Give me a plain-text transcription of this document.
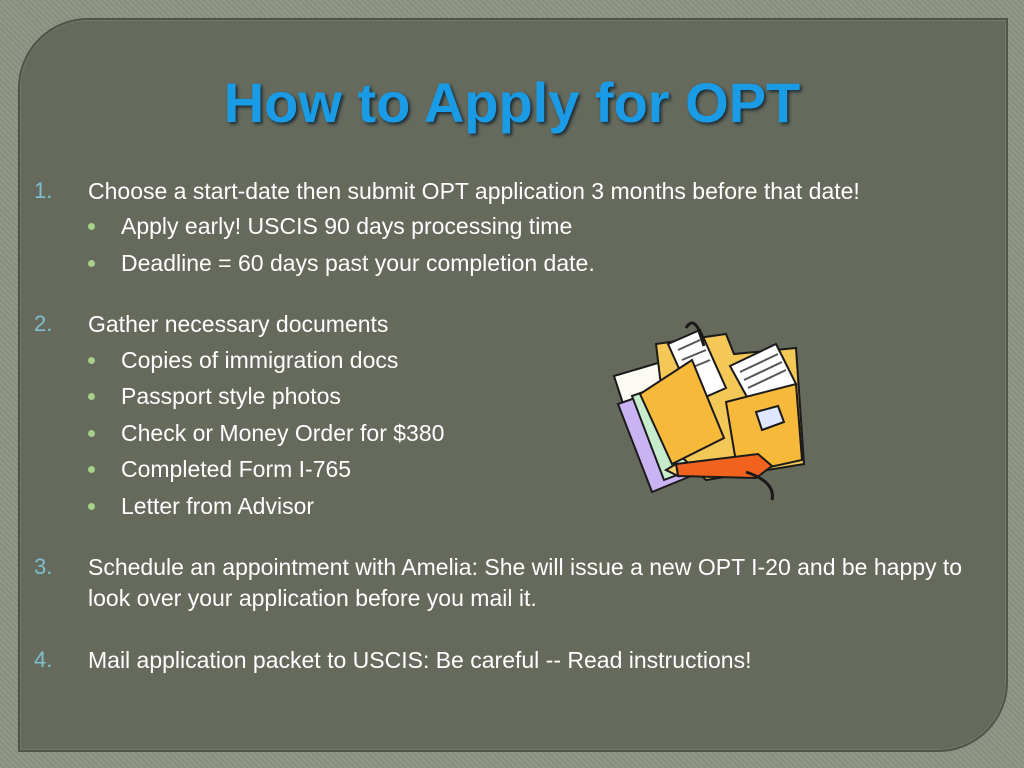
How to Apply for OPT
1.	Choose a start-date then submit OPT application 3 months before that date!
Apply early! USCIS 90 days processing time
Deadline = 60 days past your completion date.
2.	Gather necessary documents
Copies of immigration docs
Passport style photos
Check or Money Order for $380
Completed Form I-765
Letter from Advisor
3.	Schedule an appointment with Amelia: She will issue a new OPT I-20 and be happy to look over your application before you mail it.
4.	Mail application packet to USCIS: Be careful -- Read instructions!
